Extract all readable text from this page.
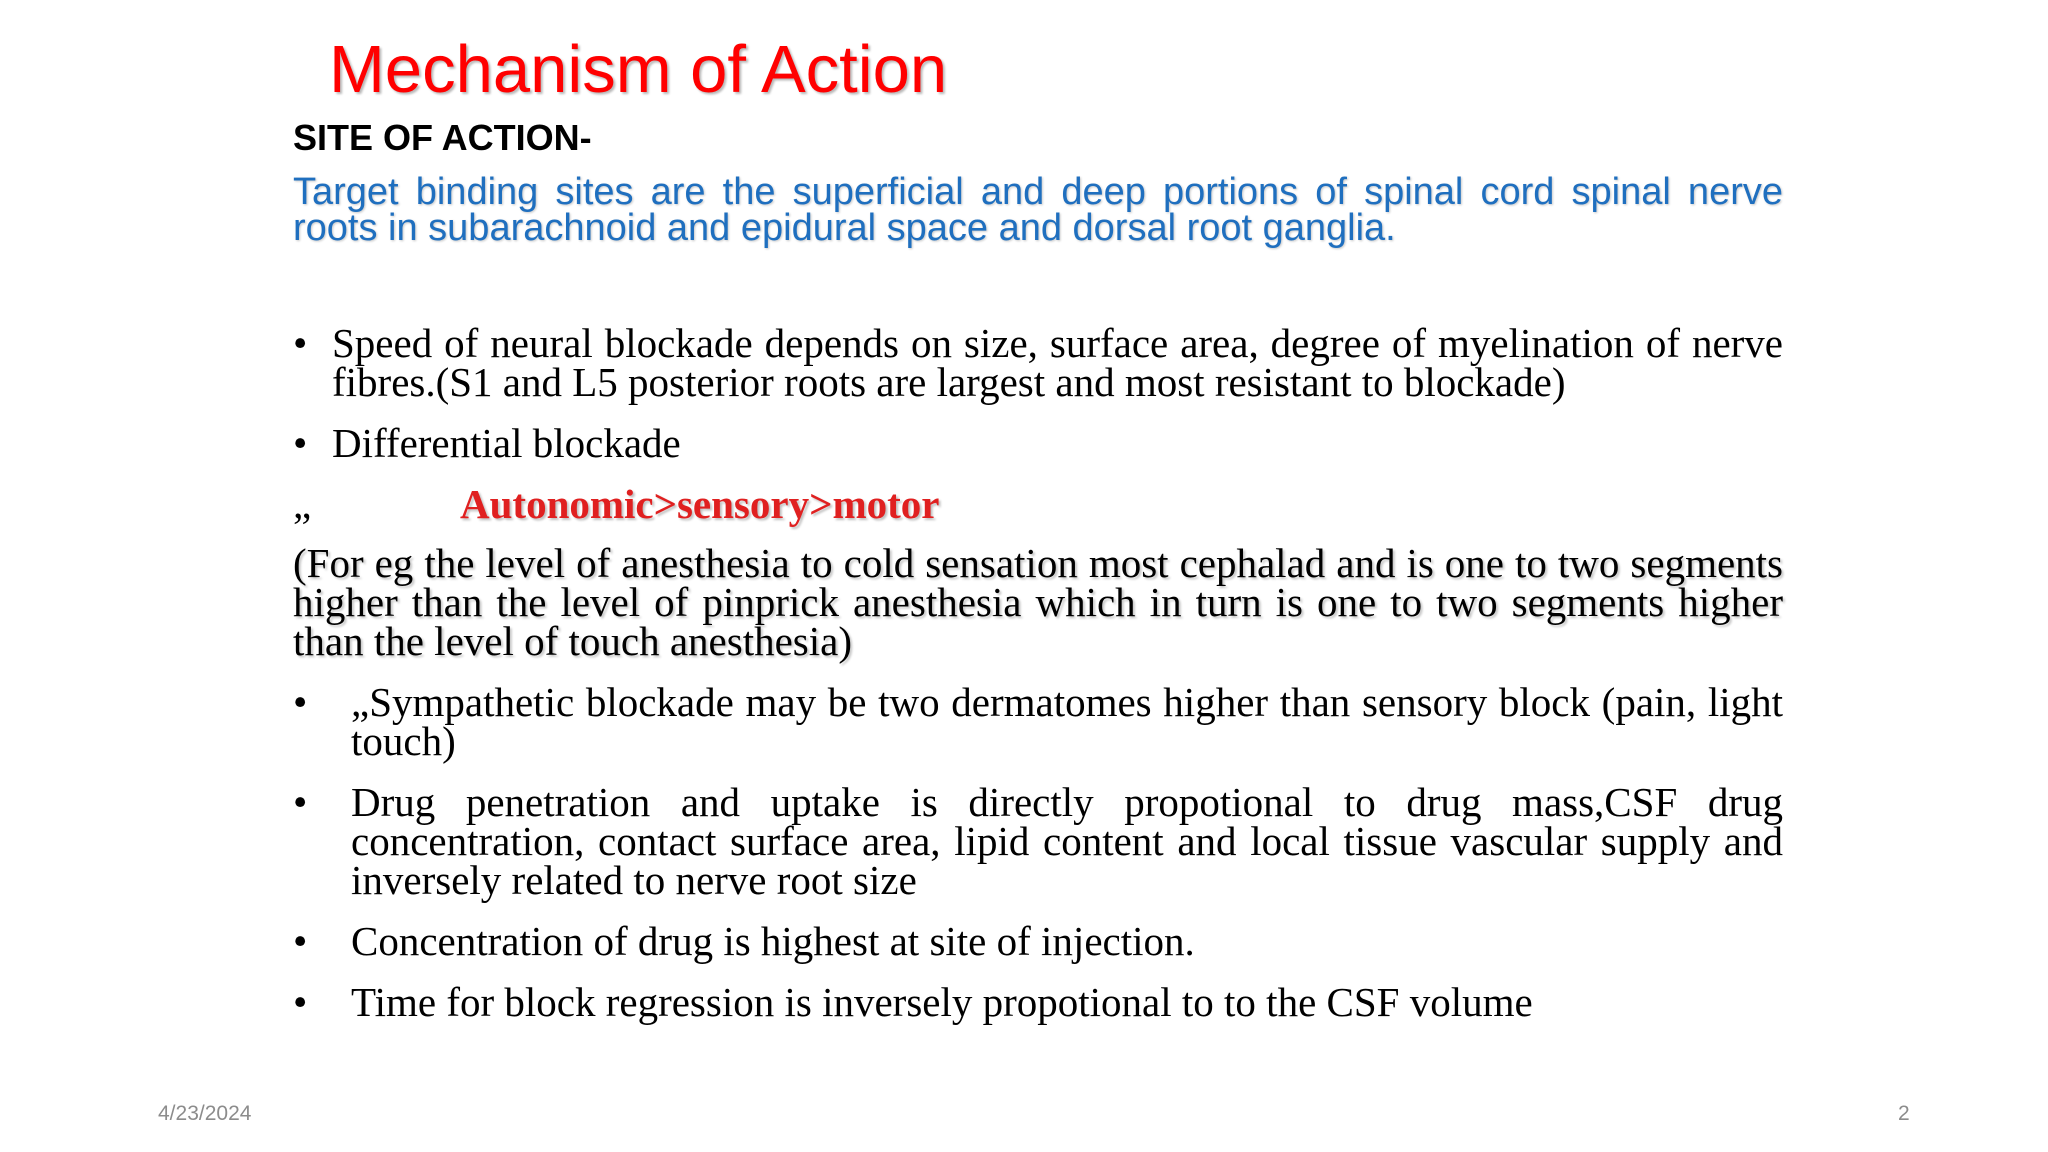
Mechanism of Action
SITE OF ACTION-
Target binding sites are the superficial and deep portions of spinal cord spinal nerve roots in subarachnoid and epidural space and dorsal root ganglia.
• Speed of neural blockade depends on size, surface area, degree of myelination of nerve fibres.(S1 and L5 posterior roots are largest and most resistant to blockade)
• Differential blockade
„	Autonomic>sensory>motor
(For eg the level of anesthesia to cold sensation most cephalad and is one to two segments higher than the level of pinprick anesthesia which in turn is one to two segments higher than the level of touch anesthesia)
•	„Sympathetic blockade may be two dermatomes higher than sensory block (pain, light touch)
•	Drug penetration and uptake is directly propotional to drug mass,CSF drug concentration, contact surface area, lipid content and local tissue vascular supply and inversely related to nerve root size
•	Concentration of drug is highest at site of injection.
•	Time for block regression is inversely propotional to to the CSF volume
4/23/2024	2
